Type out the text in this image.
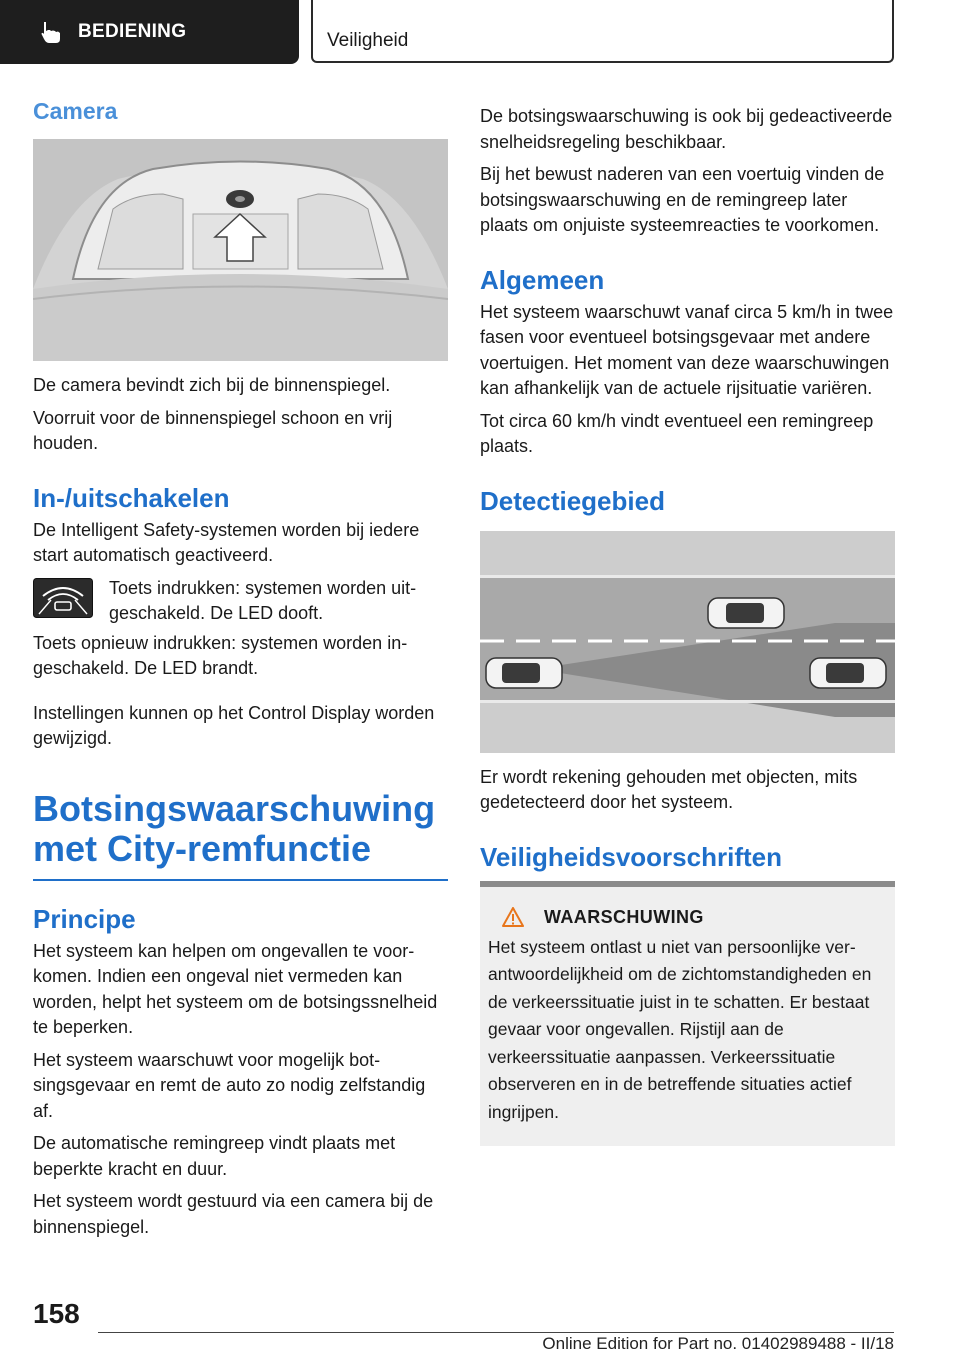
BEDIENING	Veiligheid
Camera

De camera bevindt zich bij de binnenspiegel.

Voorruit voor de binnenspiegel schoon en vrij houden.

In-/uitschakelen

De Intelligent Safety-systemen worden bij iedere start automatisch geactiveerd.

Toets indrukken: systemen worden uitgeschakeld. De LED dooft.

Toets opnieuw indrukken: systemen worden ingeschakeld. De LED brandt.

Instellingen kunnen op het Control Display worden gewijzigd.

Botsingswaarschuwing
met City-remfunctie
Principe

Het systeem kan helpen om ongevallen te voorkomen. Indien een ongeval niet vermeden kan worden, helpt het systeem om de botsingssnelheid te beperken.

Het systeem waarschuwt voor mogelijk botsingsgevaar en remt de auto zo nodig zelfstandig af.

De automatische remingreep vindt plaats met beperkte kracht en duur.

Het systeem wordt gestuurd via een camera bij de binnenspiegel.

De botsingswaarschuwing is ook bij gedeactiveerde snelheidsregeling beschikbaar.

Bij het bewust naderen van een voertuig vinden de botsingswaarschuwing en de remingreep later plaats om onjuiste systeemreacties te voorkomen.

Algemeen

Het systeem waarschuwt vanaf circa 5 km/h in twee fasen voor eventueel botsingsgevaar met andere voertuigen. Het moment van deze waarschuwingen kan afhankelijk van de actuele rijsituatie variëren.

Tot circa 60 km/h vindt eventueel een remingreep plaats.

Detectiegebied

Er wordt rekening gehouden met objecten, mits gedetecteerd door het systeem.

Veiligheidsvoorschriften
WAARSCHUWING

Het systeem ontlast u niet van persoonlijke verantwoordelijkheid om de zichtomstandigheden en de verkeerssituatie juist in te schatten. Er bestaat gevaar voor ongevallen. Rijstijl aan de verkeerssituatie aanpassen. Verkeerssituatie observeren en in de betreffende situaties actief ingrijpen.

158
Online Edition for Part no. 01402989488 - II/18
